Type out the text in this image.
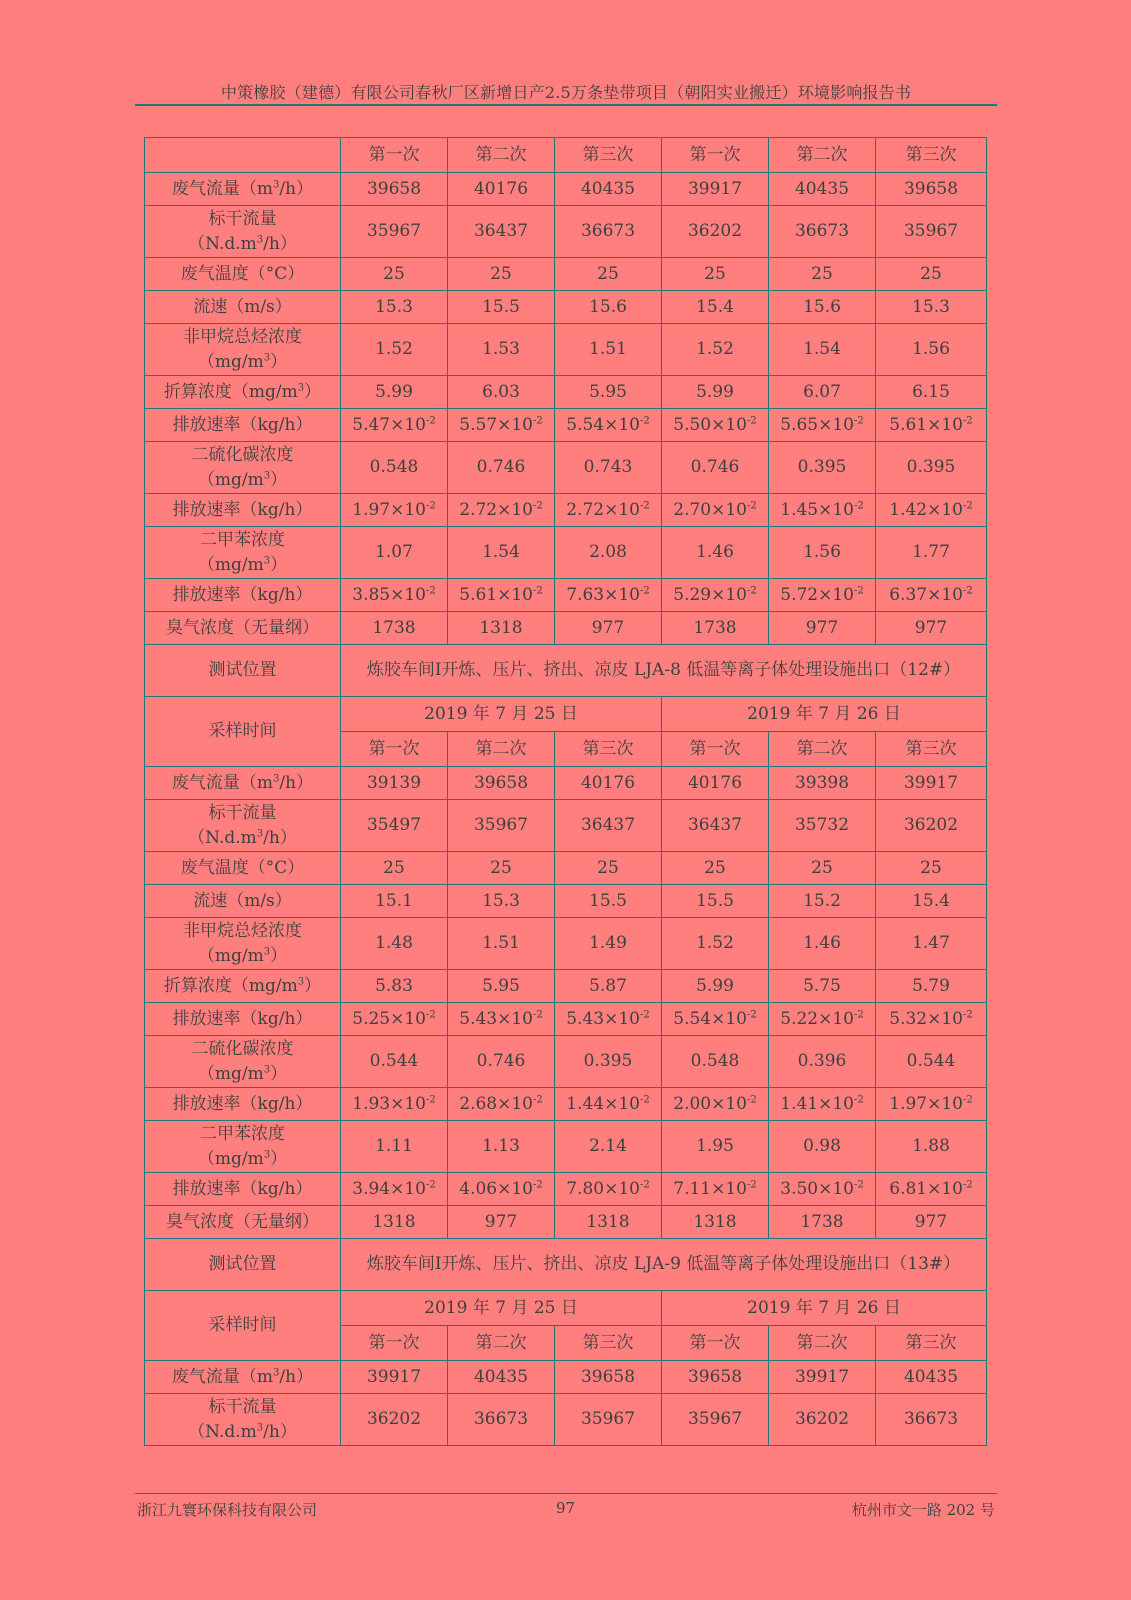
中策橡胶（建德）有限公司春秋厂区新增日产2.5万条垫带项目（朝阳实业搬迁）环境影响报告书
	第一次	第二次	第三次	第一次	第二次	第三次
废气流量$(m^3/h)$	39658	40176	40435	39917	40435	39658
标干流量
$(N.d.m^3/h)$	35967	36437	36673	36202	36673	35967
废气温度（°C）	25	25	25	25	25	25
流速（m/s）	15.3	15.5	15.6	15.4	15.6	15.3
非甲烷总烃浓度
$(mg/m^3)$	1.52	1.53	1.51	1.52	1.54	1.56
折算浓度$(mg/m^3)$	5.99	6.03	5.95	5.99	6.07	6.15
排放速率（kg/h）	$5.47\times 10^{-2}$	$5.57\times 10^{-2}$	$5.54\times 10^{-2}$	$5.50\times 10^{-2}$	$5.65\times 10^{-2}$	$5.61\times 10^{-2}$
二硫化碳浓度
$(mg/m^3)$	0.548	0.746	0.743	0.746	0.395	0.395
排放速率（kg/h）	$1.97\times 10^{-2}$	$2.72\times 10^{-2}$	$2.72\times 10^{-2}$	$2.70\times 10^{-2}$	$1.45\times 10^{-2}$	$1.42\times 10^{-2}$
二甲苯浓度
$(mg/m^3)$	1.07	1.54	2.08	1.46	1.56	1.77
排放速率（kg/h）	$3.85\times 10^{-2}$	$5.61\times 10^{-2}$	$7.63\times 10^{-2}$	$5.29\times 10^{-2}$	$5.72\times 10^{-2}$	$6.37\times 10^{-2}$
臭气浓度（无量纲）	1738	1318	977	1738	977	977
测试位置	炼胶车间I开炼、压片、挤出、凉皮 LJA-8 低温等离子体处理设施出口（12#）					
采样时间	2019 年 7 月 25 日			2019 年 7 月 26 日		
	第一次	第二次	第三次	第一次	第二次	第三次
废气流量$(m^3/h)$	39139	39658	40176	40176	39398	39917
标干流量
$(N.d.m^3/h)$	35497	35967	36437	36437	35732	36202
废气温度（°C）	25	25	25	25	25	25
流速（m/s）	15.1	15.3	15.5	15.5	15.2	15.4
非甲烷总烃浓度
$(mg/m^3)$	1.48	1.51	1.49	1.52	1.46	1.47
折算浓度$(mg/m^3)$	5.83	5.95	5.87	5.99	5.75	5.79
排放速率（kg/h）	$5.25\times 10^{-2}$	$5.43\times 10^{-2}$	$5.43\times 10^{-2}$	$5.54\times 10^{-2}$	$5.22\times 10^{-2}$	$5.32\times 10^{-2}$
二硫化碳浓度
$(mg/m^3)$	0.544	0.746	0.395	0.548	0.396	0.544
排放速率（kg/h）	$1.93\times 10^{-2}$	$2.68\times 10^{-2}$	$1.44\times 10^{-2}$	$2.00\times 10^{-2}$	$1.41\times 10^{-2}$	$1.97\times 10^{-2}$
二甲苯浓度
$(mg/m^3)$	1.11	1.13	2.14	1.95	0.98	1.88
排放速率（kg/h）	$3.94\times 10^{-2}$	$4.06\times 10^{-2}$	$7.80\times 10^{-2}$	$7.11\times 10^{-2}$	$3.50\times 10^{-2}$	$6.81\times 10^{-2}$
臭气浓度（无量纲）	1318	977	1318	1318	1738	977
测试位置	炼胶车间I开炼、压片、挤出、凉皮 LJA-9 低温等离子体处理设施出口（13#）					
采样时间	2019 年 7 月 25 日			2019 年 7 月 26 日		
	第一次	第二次	第三次	第一次	第二次	第三次
废气流量$(m^3/h)$	39917	40435	39658	39658	39917	40435
标干流量
$(N.d.m^3/h)$	36202	36673	35967	35967	36202	36673
浙江九寰环保科技有限公司	97	杭州市文一路 202 号
